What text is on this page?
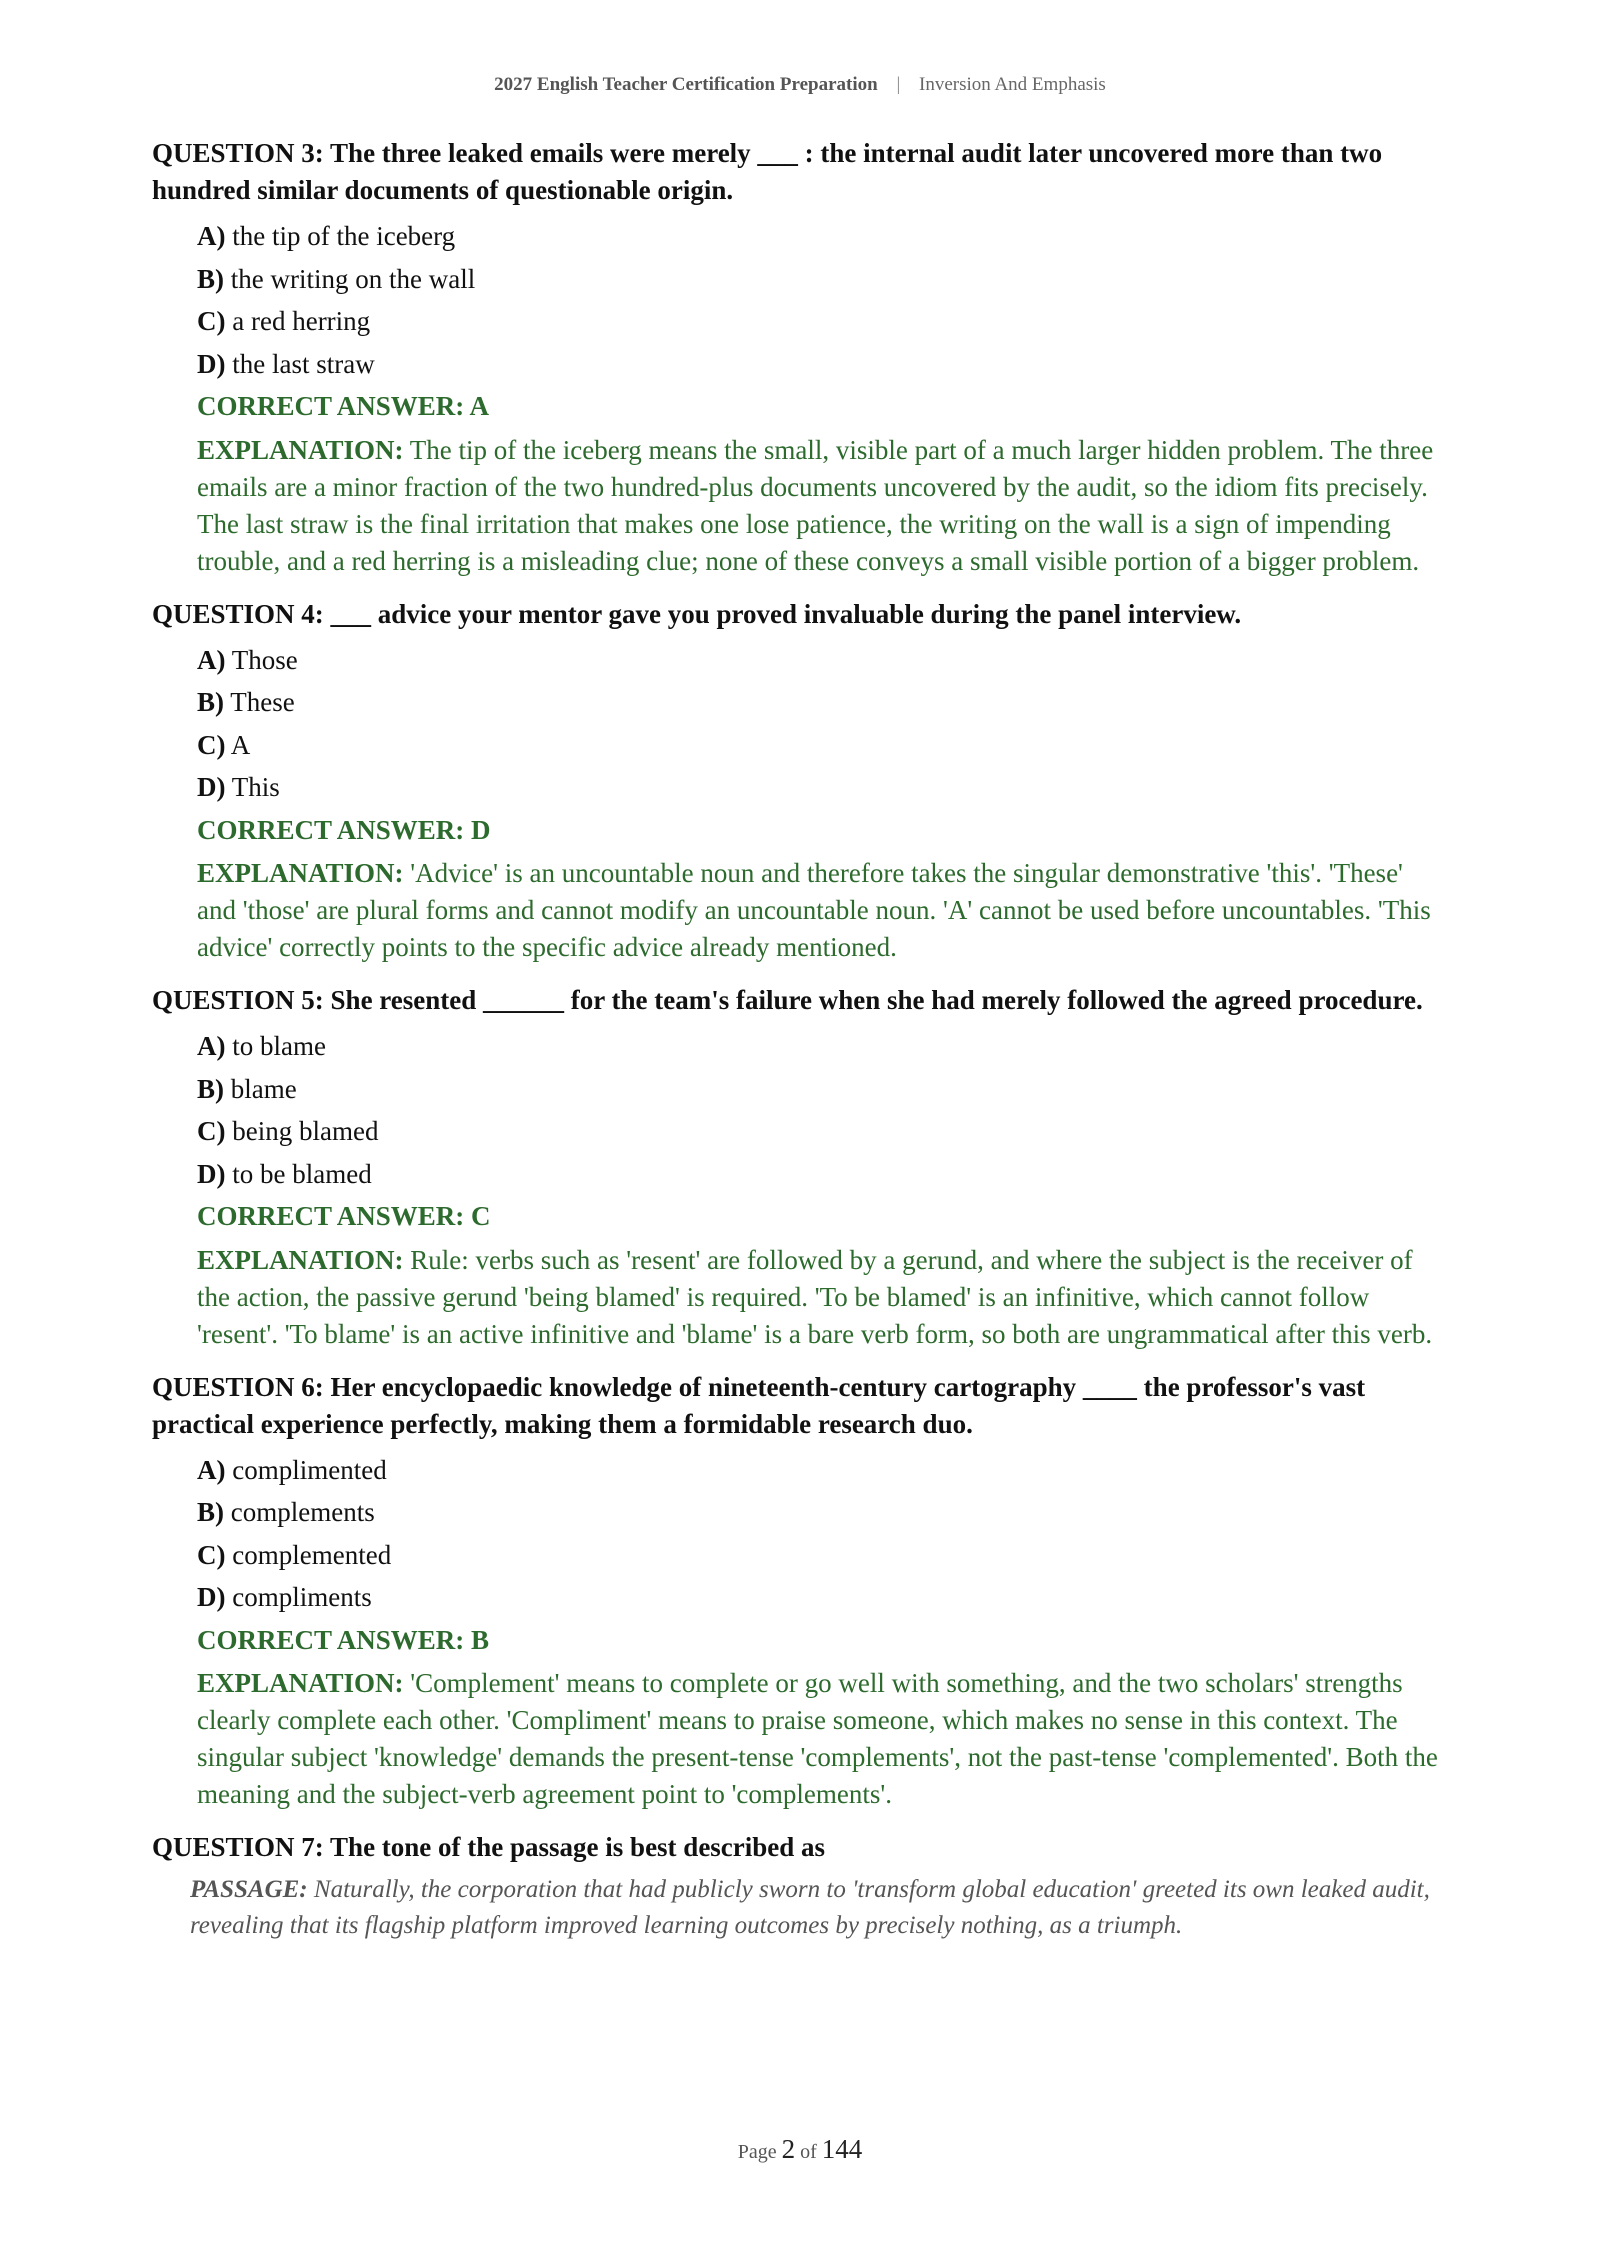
2027 English Teacher Certification Preparation | Inversion And Emphasis
QUESTION 3: The three leaked emails were merely ___ : the internal audit later uncovered more than two hundred similar documents of questionable origin.
A) the tip of the iceberg
B) the writing on the wall
C) a red herring
D) the last straw
CORRECT ANSWER: A
EXPLANATION: The tip of the iceberg means the small, visible part of a much larger hidden problem. The three emails are a minor fraction of the two hundred-plus documents uncovered by the audit, so the idiom fits precisely. The last straw is the final irritation that makes one lose patience, the writing on the wall is a sign of impending trouble, and a red herring is a misleading clue; none of these conveys a small visible portion of a bigger problem.
QUESTION 4: ___ advice your mentor gave you proved invaluable during the panel interview.
A) Those
B) These
C) A
D) This
CORRECT ANSWER: D
EXPLANATION: 'Advice' is an uncountable noun and therefore takes the singular demonstrative 'this'. 'These' and 'those' are plural forms and cannot modify an uncountable noun. 'A' cannot be used before uncountables. 'This advice' correctly points to the specific advice already mentioned.
QUESTION 5: She resented ______ for the team's failure when she had merely followed the agreed procedure.
A) to blame
B) blame
C) being blamed
D) to be blamed
CORRECT ANSWER: C
EXPLANATION: Rule: verbs such as 'resent' are followed by a gerund, and where the subject is the receiver of the action, the passive gerund 'being blamed' is required. 'To be blamed' is an infinitive, which cannot follow 'resent'. 'To blame' is an active infinitive and 'blame' is a bare verb form, so both are ungrammatical after this verb.
QUESTION 6: Her encyclopaedic knowledge of nineteenth-century cartography ____ the professor's vast practical experience perfectly, making them a formidable research duo.
A) complimented
B) complements
C) complemented
D) compliments
CORRECT ANSWER: B
EXPLANATION: 'Complement' means to complete or go well with something, and the two scholars' strengths clearly complete each other. 'Compliment' means to praise someone, which makes no sense in this context. The singular subject 'knowledge' demands the present-tense 'complements', not the past-tense 'complemented'. Both the meaning and the subject-verb agreement point to 'complements'.
QUESTION 7: The tone of the passage is best described as
PASSAGE: Naturally, the corporation that had publicly sworn to 'transform global education' greeted its own leaked audit, revealing that its flagship platform improved learning outcomes by precisely nothing, as a triumph.
Page 2 of 144
